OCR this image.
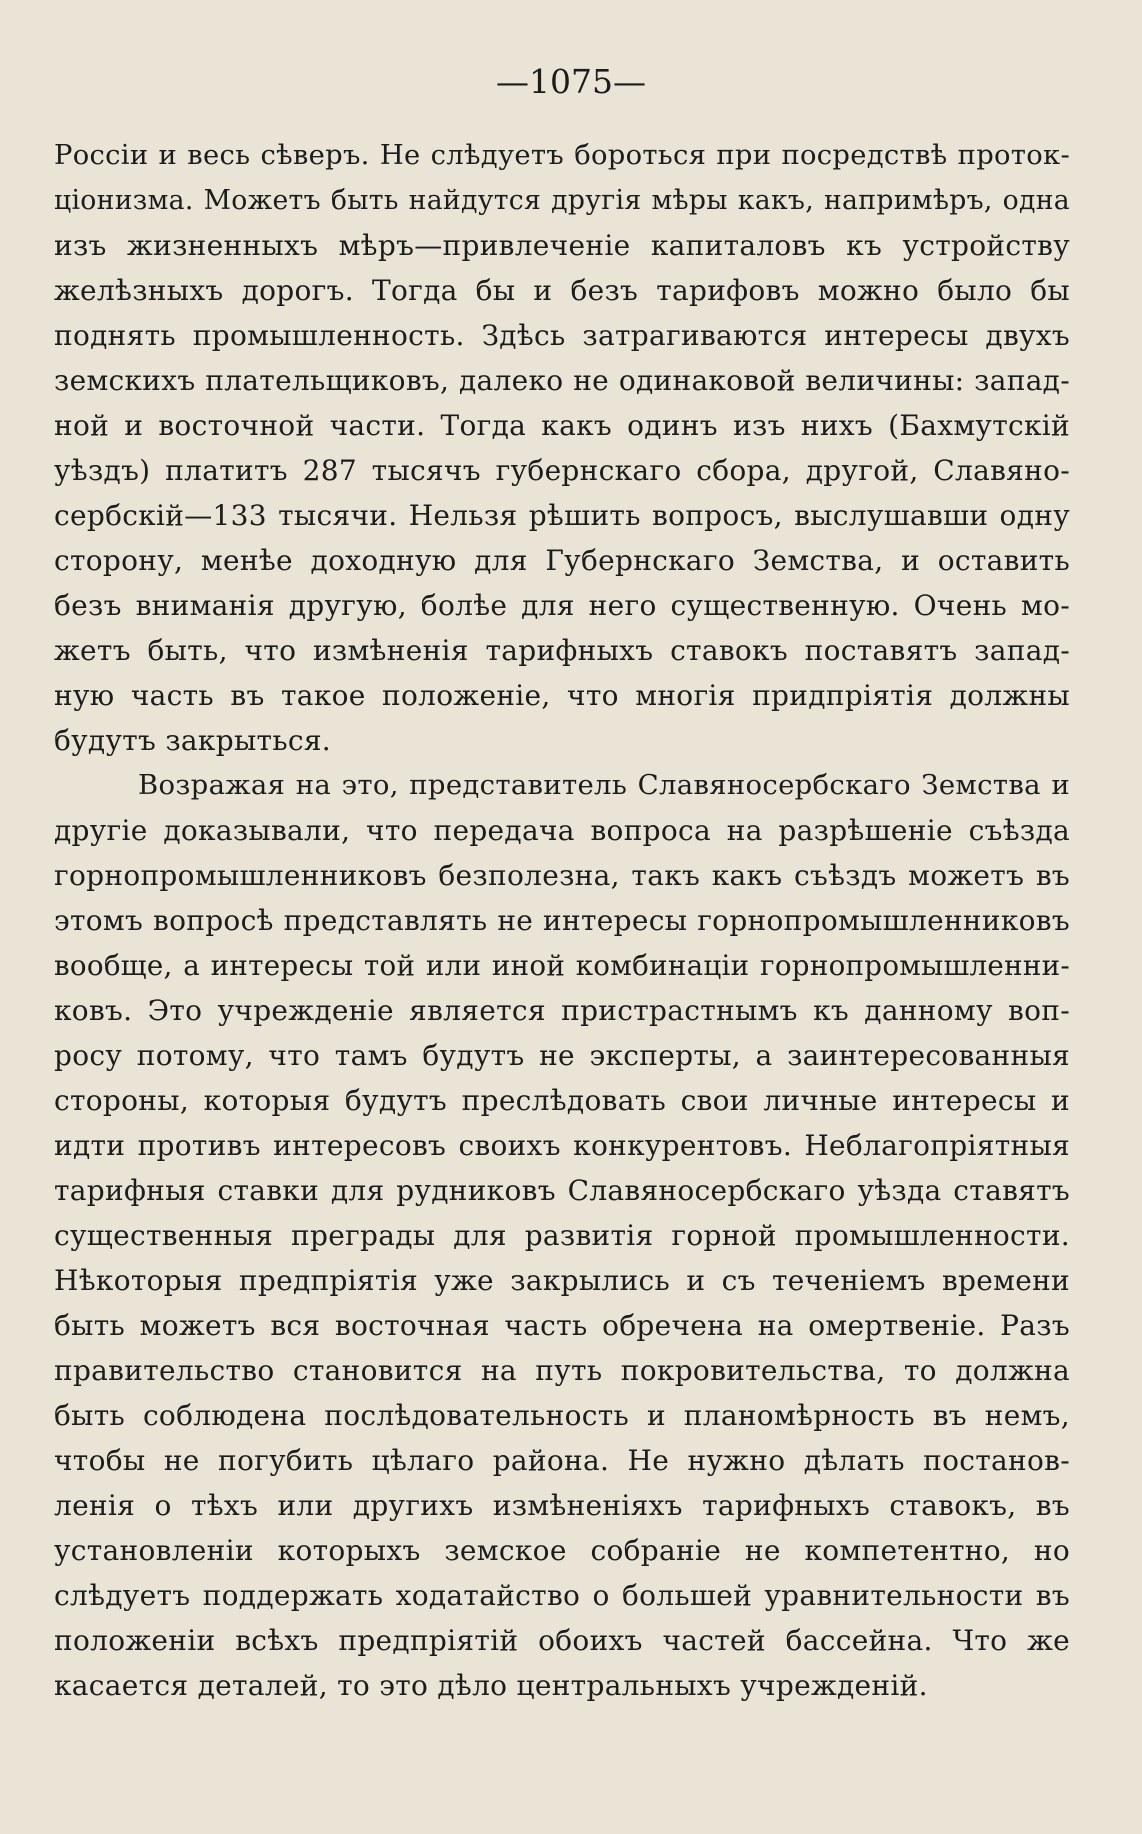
—1075—
Россіи и весь сѣверъ. Не слѣдуетъ бороться при посредствѣ проток-
ціонизма. Можетъ быть найдутся другія мѣры какъ, напримѣръ, одна
изъ жизненныхъ мѣръ—привлеченіе капиталовъ къ устройству
желѣзныхъ дорогъ. Тогда бы и безъ тарифовъ можно было бы
поднять промышленность. Здѣсь затрагиваются интересы двухъ
земскихъ плательщиковъ, далеко не одинаковой величины: запад-
ной и восточной части. Тогда какъ одинъ изъ нихъ (Бахмутскій
уѣздъ) платитъ 287 тысячъ губернскаго сбора, другой, Славяно-
сербскій—133 тысячи. Нельзя рѣшить вопросъ, выслушавши одну
сторону, менѣе доходную для Губернскаго Земства, и оставить
безъ вниманія другую, болѣе для него существенную. Очень мо-
жетъ быть, что измѣненія тарифныхъ ставокъ поставятъ запад-
ную часть въ такое положеніе, что многія придпріятія должны
будутъ закрыться.
Возражая на это, представитель Славяносербскаго Земства и
другіе доказывали, что передача вопроса на разрѣшеніе съѣзда
горнопромышленниковъ безполезна, такъ какъ съѣздъ можетъ въ
этомъ вопросѣ представлять не интересы горнопромышленниковъ
вообще, а интересы той или иной комбинаціи горнопромышленни-
ковъ. Это учрежденіе является пристрастнымъ къ данному воп-
росу потому, что тамъ будутъ не эксперты, а заинтересованныя
стороны, которыя будутъ преслѣдовать свои личные интересы и
идти противъ интересовъ своихъ конкурентовъ. Неблагопріятныя
тарифныя ставки для рудниковъ Славяносербскаго уѣзда ставятъ
существенныя преграды для развитія горной промышленности.
Нѣкоторыя предпріятія уже закрылись и съ теченіемъ времени
быть можетъ вся восточная часть обречена на омертвеніе. Разъ
правительство становится на путь покровительства, то должна
быть соблюдена послѣдовательность и планомѣрность въ немъ,
чтобы не погубить цѣлаго района. Не нужно дѣлать постанов-
ленія о тѣхъ или другихъ измѣненіяхъ тарифныхъ ставокъ, въ
установленіи которыхъ земское собраніе не компетентно, но
слѣдуетъ поддержать ходатайство о большей уравнительности въ
положеніи всѣхъ предпріятій обоихъ частей бассейна. Что же
касается деталей, то это дѣло центральныхъ учрежденій.
